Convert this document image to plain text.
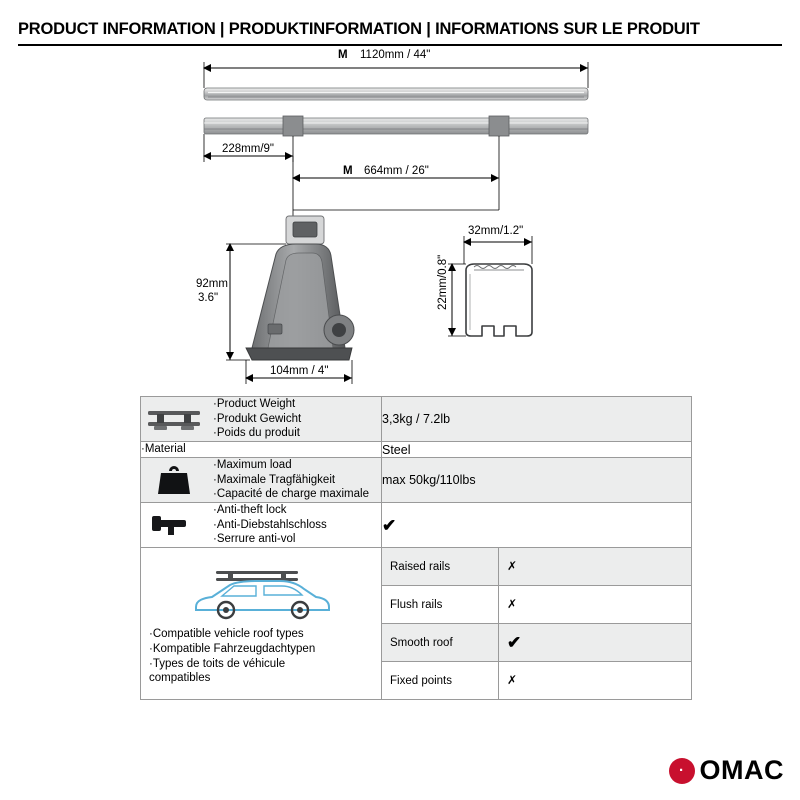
PRODUCT INFORMATION | PRODUKTINFORMATION | INFORMATIONS SUR LE PRODUIT
M 1120mm / 44"
228mm/9"
M 664mm / 26"
92mm
3.6"
104mm / 4"
32mm/1.2"
22mm/0.8"
·Product Weight
·Produkt Gewicht
·Poids du produit
	3,3kg / 7.2lb

·Material	Steel

·Maximum load
·Maximale Tragfähigkeit
·Capacité de charge maximale
	max 50kg/110lbs

·Anti-theft lock
·Anti-Diebstahlschloss
·Serrure anti-vol
	✔

·Compatible vehicle roof types
·Kompatible Fahrzeugdachtypen
·Types de toits de véhicule
compatibles

Raised rails	✗
Flush rails	✗
Smooth roof	✔
Fixed points	✗
· OMAC
